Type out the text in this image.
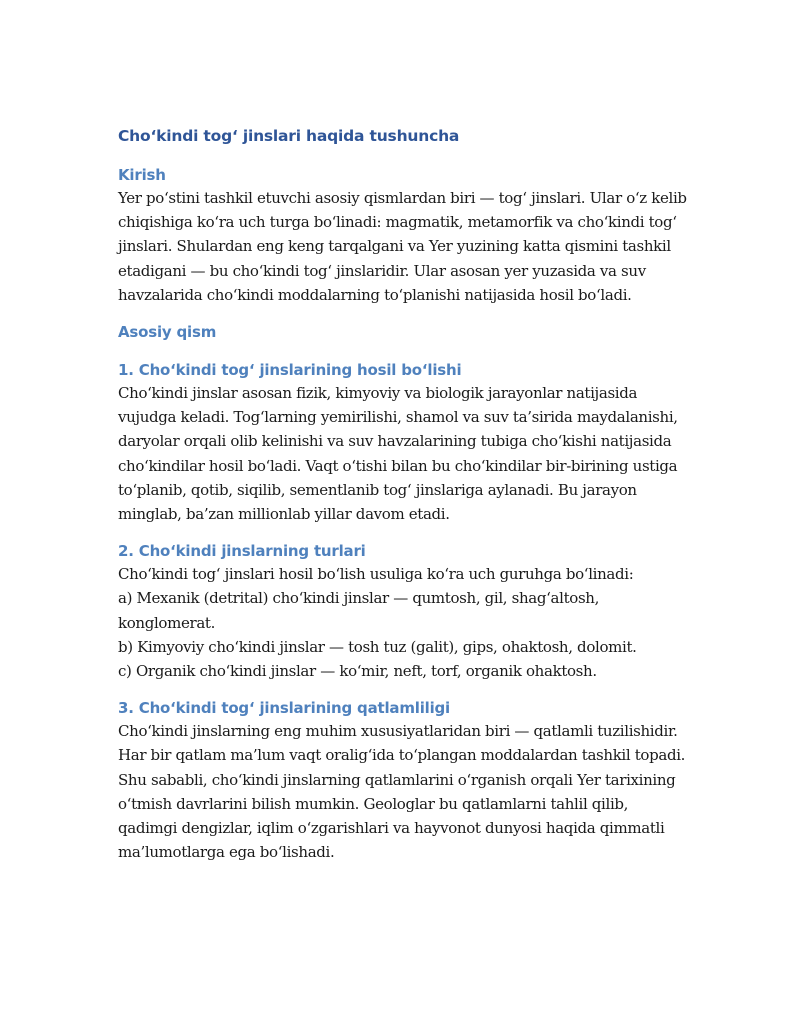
Cho‘kindi tog‘ jinslari haqida tushuncha
Kirish

Yer po‘stini tashkil etuvchi asosiy qismlardan biri — tog‘ jinslari. Ular o‘z kelib chiqishiga ko‘ra uch turga bo‘linadi: magmatik, metamorfik va cho‘kindi tog‘ jinslari. Shulardan eng keng tarqalgani va Yer yuzining katta qismini tashkil etadigani — bu cho‘kindi tog‘ jinslaridir. Ular asosan yer yuzasida va suv havzalarida cho‘kindi moddalarning to‘planishi natijasida hosil bo‘ladi.

Asosiy qism
1. Cho‘kindi tog‘ jinslarining hosil bo‘lishi

Cho‘kindi jinslar asosan fizik, kimyoviy va biologik jarayonlar natijasida vujudga keladi. Tog‘larning yemirilishi, shamol va suv ta’sirida maydalanishi, daryolar orqali olib kelinishi va suv havzalarining tubiga cho‘kishi natijasida cho‘kindilar hosil bo‘ladi. Vaqt o‘tishi bilan bu cho‘kindilar bir-birining ustiga to‘planib, qotib, siqilib, sementlanib tog‘ jinslariga aylanadi. Bu jarayon minglab, ba’zan millionlab yillar davom etadi.

2. Cho‘kindi jinslarning turlari

Cho‘kindi tog‘ jinslari hosil bo‘lish usuliga ko‘ra uch guruhga bo‘linadi:

a) Mexanik (detrital) cho‘kindi jinslar — qumtosh, gil, shag‘altosh, konglomerat.

b) Kimyoviy cho‘kindi jinslar — tosh tuz (galit), gips, ohaktosh, dolomit.

c) Organik cho‘kindi jinslar — ko‘mir, neft, torf, organik ohaktosh.

3. Cho‘kindi tog‘ jinslarining qatlamliligi

Cho‘kindi jinslarning eng muhim xususiyatlaridan biri — qatlamli tuzilishidir. Har bir qatlam ma’lum vaqt oralig‘ida to‘plangan moddalardan tashkil topadi. Shu sababli, cho‘kindi jinslarning qatlamlarini o‘rganish orqali Yer tarixining o‘tmish davrlarini bilish mumkin. Geologlar bu qatlamlarni tahlil qilib, qadimgi dengizlar, iqlim o‘zgarishlari va hayvonot dunyosi haqida qimmatli ma’lumotlarga ega bo‘lishadi.
